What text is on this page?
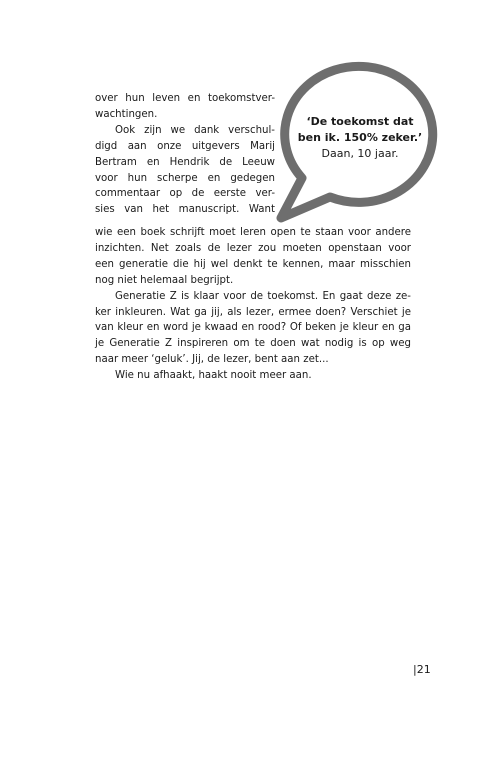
‘De toekomst dat
ben ik. 150% zeker.’
Daan, 10 jaar.
over hun leven en toekomstver-
wachtingen.
Ook zijn we dank verschul-
digd aan onze uitgevers Marij
Bertram en Hendrik de Leeuw
voor hun scherpe en gedegen
commentaar op de eerste ver-
sies van het manuscript. Want
wie een boek schrijft moet leren open te staan voor andere
inzichten. Net zoals de lezer zou moeten openstaan voor
een generatie die hij wel denkt te kennen, maar misschien
nog niet helemaal begrijpt.
Generatie Z is klaar voor de toekomst. En gaat deze ze-
ker inkleuren. Wat ga jij, als lezer, ermee doen? Verschiet je
van kleur en word je kwaad en rood? Of beken je kleur en ga
je Generatie Z inspireren om te doen wat nodig is op weg
naar meer ‘geluk’. Jij, de lezer, bent aan zet...
Wie nu afhaakt, haakt nooit meer aan.
|21
